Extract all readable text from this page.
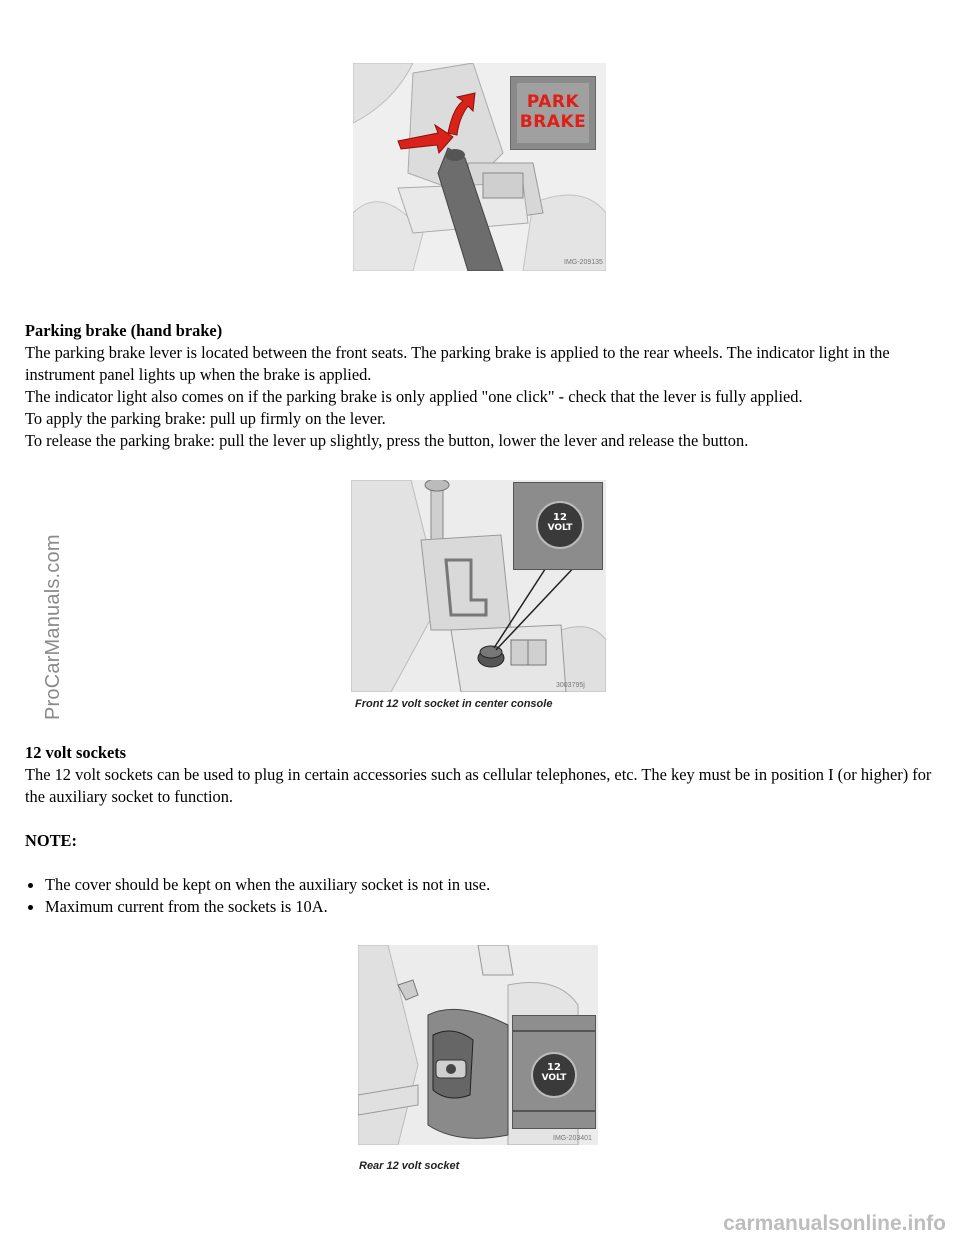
ProCarManuals.com
carmanualsonline.info
PARK
BRAKE
IMG-209135

Parking brake (hand brake)

The parking brake lever is located between the front seats. The parking brake is applied to the rear wheels. The indicator light in the instrument panel lights up when the brake is applied.

The indicator light also comes on if the parking brake is only applied "one click" - check that the lever is fully applied.

To apply the parking brake: pull up firmly on the lever.

To release the parking brake: pull the lever up slightly, press the button, lower the lever and release the button.

12
VOLT
3003795j
Front 12 volt socket in center console

12 volt sockets

The 12 volt sockets can be used to plug in certain accessories such as cellular telephones, etc. The key must be in position I (or higher) for the auxiliary socket to function.

NOTE:

The cover should be kept on when the auxiliary socket is not in use.
Maximum current from the sockets is 10A.
12
VOLT
IMG-203401
Rear 12 volt socket
